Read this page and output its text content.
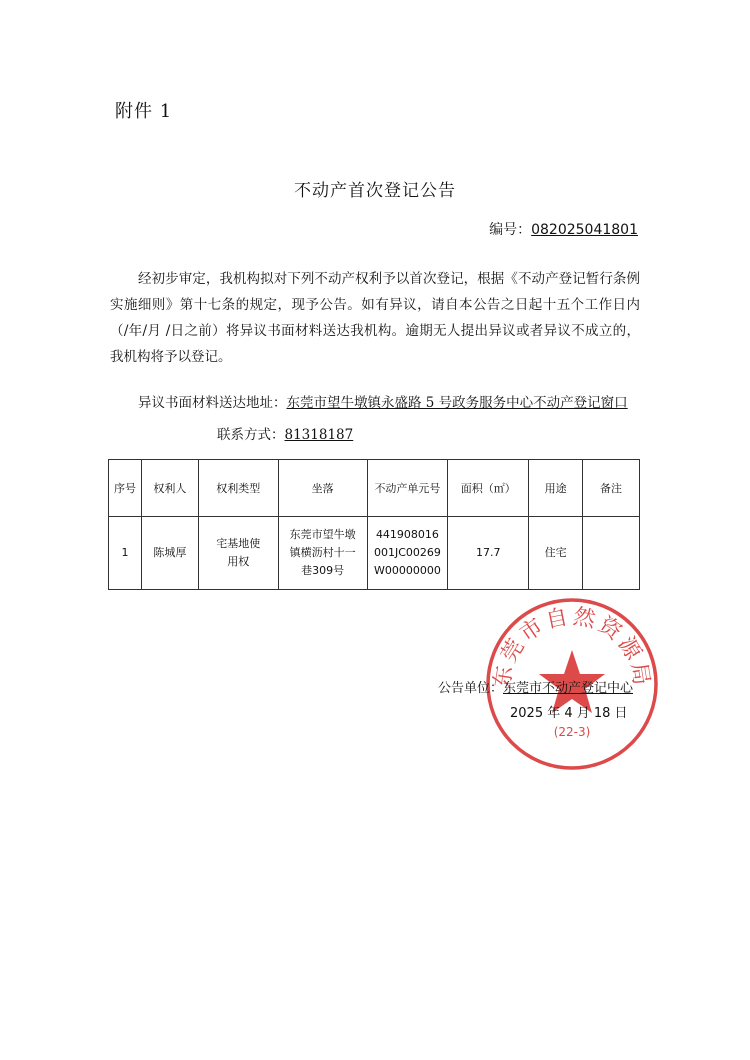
附件 1
不动产首次登记公告
编号：082025041801

经初步审定，我机构拟对下列不动产权利予以首次登记，根据《不动产登记暂行条例实施细则》第十七条的规定，现予公告。如有异议，请自本公告之日起十五个工作日内（/年/月 /日之前）将异议书面材料送达我机构。逾期无人提出异议或者异议不成立的，我机构将予以登记。

异议书面材料送达地址：东莞市望牛墩镇永盛路 5 号政务服务中心不动产登记窗口
联系方式：81318187
序号	权利人	权利类型	坐落	不动产单元号	面积（㎡）	用途	备注
1	陈城厚	宅基地使用权	东莞市望牛墩镇横沥村十一巷309号	441908016001JC00269W00000000	17.7	住宅	
东莞市自然资源局
(22-3)
公告单位：东莞市不动产登记中心
2025 年 4 月 18 日
